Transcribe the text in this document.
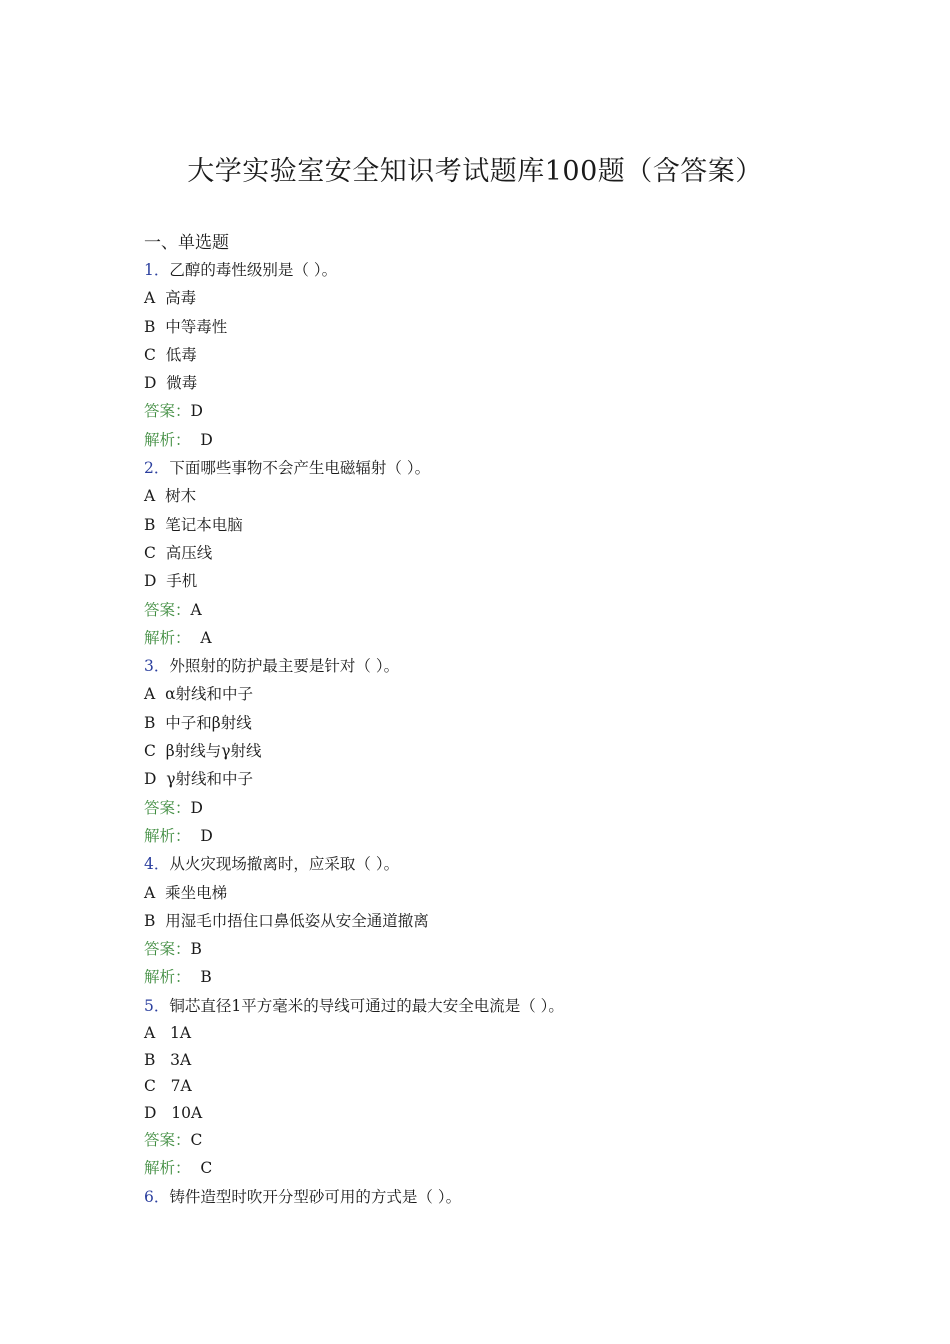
大学实验室安全知识考试题库100题（含答案）
一、单选题
1．乙醇的毒性级别是（ ）。
A 高毒
B 中等毒性
C 低毒
D 微毒
答案：D
解析： D
2．下面哪些事物不会产生电磁辐射（ ）。
A 树木
B 笔记本电脑
C 高压线
D 手机
答案：A
解析： A
3．外照射的防护最主要是针对（ ）。
A α射线和中子
B 中子和β射线
C β射线与γ射线
D γ射线和中子
答案：D
解析： D
4．从火灾现场撤离时，应采取（ ）。
A 乘坐电梯
B 用湿毛巾捂住口鼻低姿从安全通道撤离
答案：B
解析： B
5．铜芯直径1平方毫米的导线可通过的最大安全电流是（ ）。
A   1A
B   3A
C   7A
D   10A
答案：C
解析： C
6．铸件造型时吹开分型砂可用的方式是（ ）。
